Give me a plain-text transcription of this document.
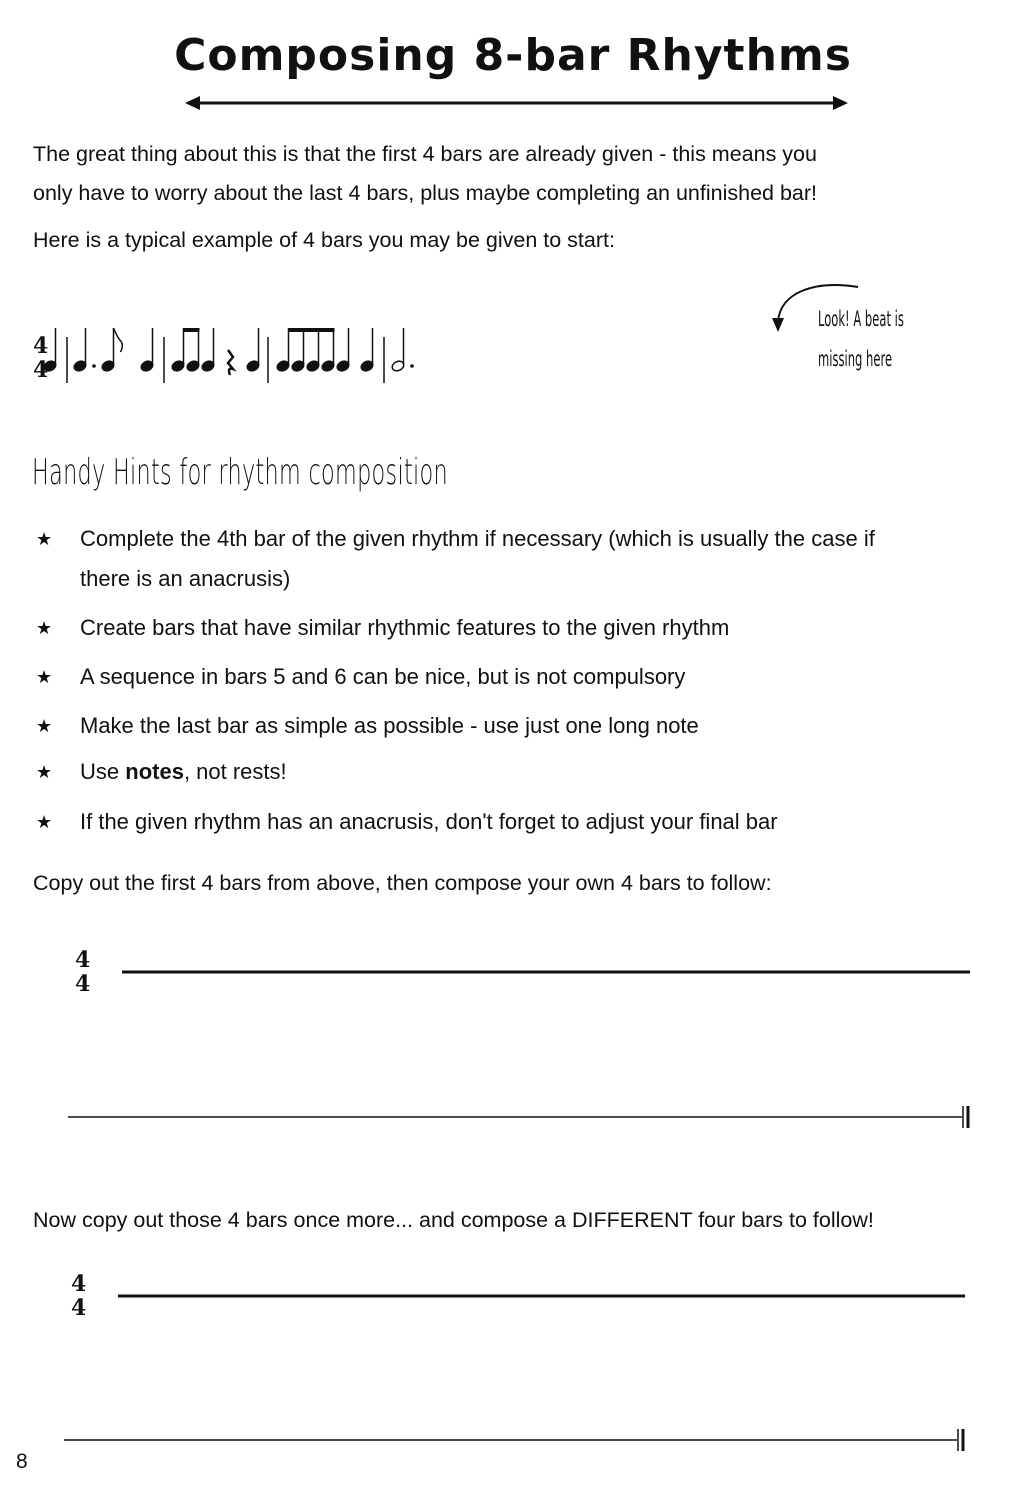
Composing 8-bar Rhythms
The great thing about this is that the first 4 bars are already given - this means you
only have to worry about the last 4 bars, plus maybe completing an unfinished bar!
Here is a typical example of 4 bars you may be given to start:
4
4
Look! A beat is
missing here
Handy Hints for rhythm composition
★ Complete the 4th bar of the given rhythm if necessary (which is usually the case if
there is an anacrusis)
★ Create bars that have similar rhythmic features to the given rhythm
★ A sequence in bars 5 and 6 can be nice, but is not compulsory
★ Make the last bar as simple as possible - use just one long note
★ Use notes, not rests!
★ If the given rhythm has an anacrusis, don't forget to adjust your final bar
Copy out the first 4 bars from above, then compose your own 4 bars to follow:
4
4
Now copy out those 4 bars once more... and compose a DIFFERENT four bars to follow!
4
4
8
